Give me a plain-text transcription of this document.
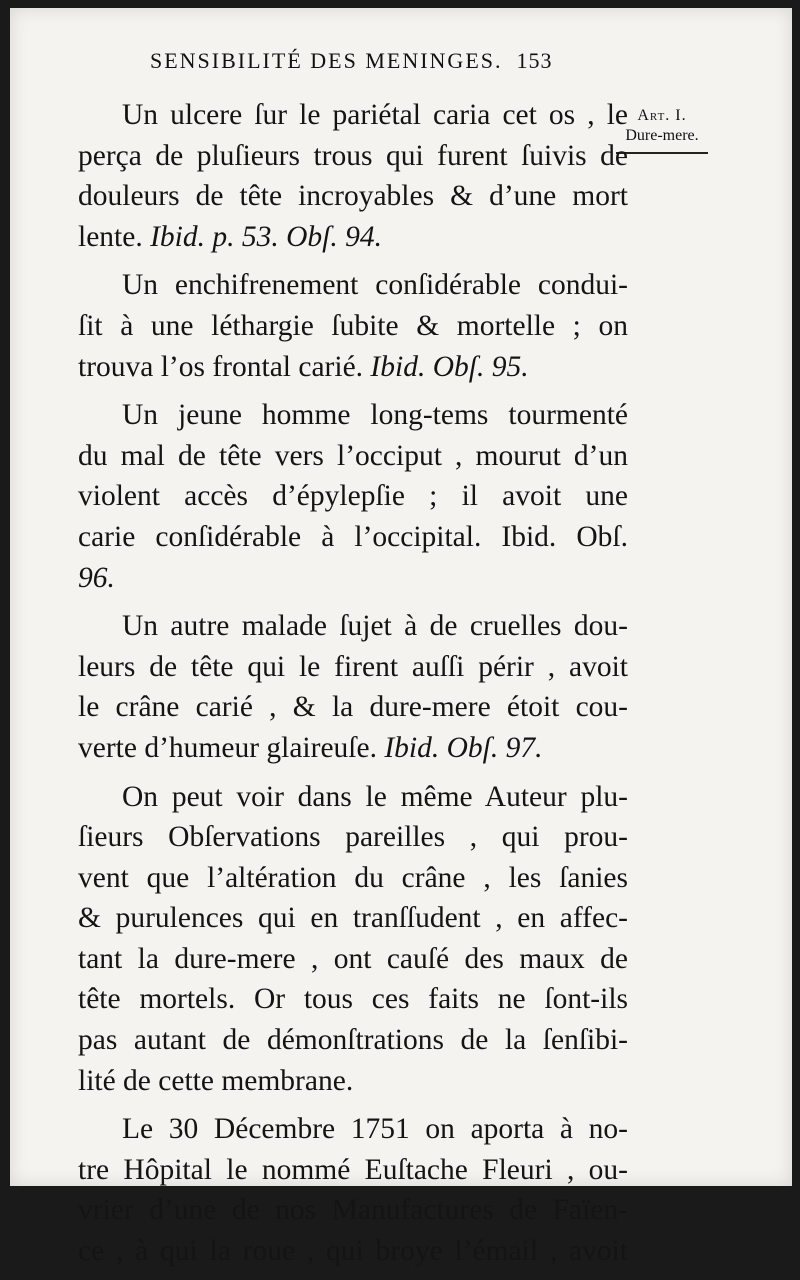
SENSIBILITÉ DES MENINGES. 153
Art. I.
Dure-mere.
Un ulcere ſur le pariétal caria cet os , le
perça de pluſieurs trous qui furent ſuivis de
douleurs de tête incroyables & d’une mort
lente. Ibid. p. 53. Obſ. 94.
Un enchifrenement conſidérable condui-
ſit à une léthargie ſubite & mortelle ; on
trouva l’os frontal carié. Ibid. Obſ. 95.
Un jeune homme long-tems tourmenté
du mal de tête vers l’occiput , mourut d’un
violent accès d’épylepſie ; il avoit une
carie conſidérable à l’occipital. Ibid. Obſ.
96.
Un autre malade ſujet à de cruelles dou-
leurs de tête qui le firent auſſi périr , avoit
le crâne carié , & la dure-mere étoit cou-
verte d’humeur glaireuſe. Ibid. Obſ. 97.
On peut voir dans le même Auteur plu-
ſieurs Obſervations pareilles , qui prou-
vent que l’altération du crâne , les ſanies
& purulences qui en tranſſudent , en affec-
tant la dure-mere , ont cauſé des maux de
tête mortels. Or tous ces faits ne ſont-ils
pas autant de démonſtrations de la ſenſibi-
lité de cette membrane.
Le 30 Décembre 1751 on aporta à no-
tre Hôpital le nommé Euſtache Fleuri , ou-
vrier d’une de nos Manufactures de Faïen-
ce , à qui la roue , qui broye l’émail , avoit
